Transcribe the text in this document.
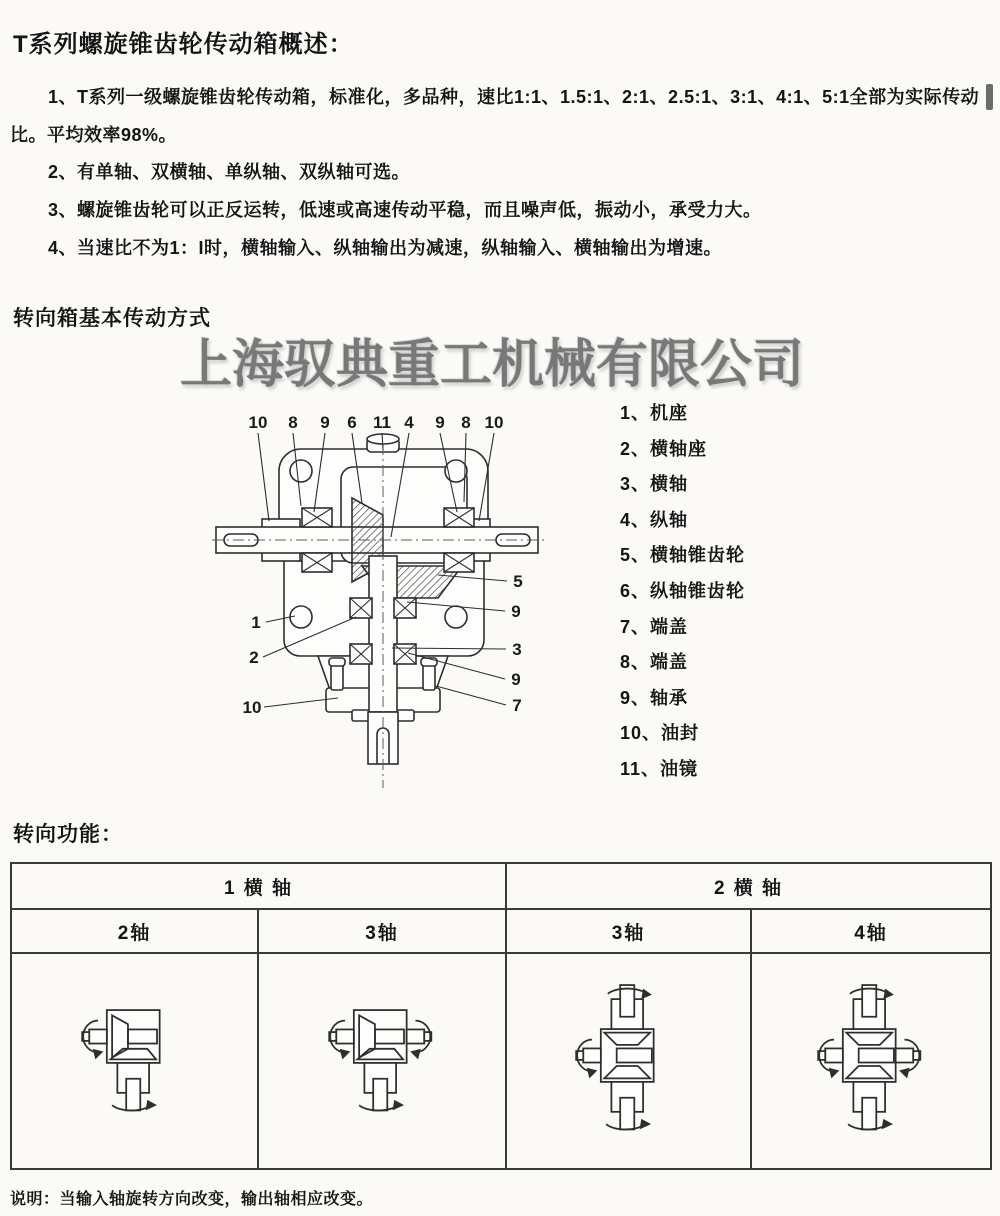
T系列螺旋锥齿轮传动箱概述：

1、T系列一级螺旋锥齿轮传动箱，标准化，多品种，速比1:1、1.5:1、2:1、2.5:1、3:1、4:1、5:1全部为实际传动比。平均效率98%。

2、有单轴、双横轴、单纵轴、双纵轴可选。

3、螺旋锥齿轮可以正反运转，低速或高速传动平稳，而且噪声低，振动小，承受力大。

4、当速比不为1：I时，横轴输入、纵轴输出为减速，纵轴输入、横轴输出为增速。

转向箱基本传动方式
上海驭典重工机械有限公司
10 8 9 6 11 4 9 8 10
1
2
10
5
9
3
9
7
1、机座
2、横轴座
3、横轴
4、纵轴
5、横轴锥齿轮
6、纵轴锥齿轮
7、端盖
8、端盖
9、轴承
10、油封
11、油镜
转向功能：
1 横 轴		2 横 轴	
2轴	3轴	3轴	4轴

说明：当输入轴旋转方向改变，输出轴相应改变。
